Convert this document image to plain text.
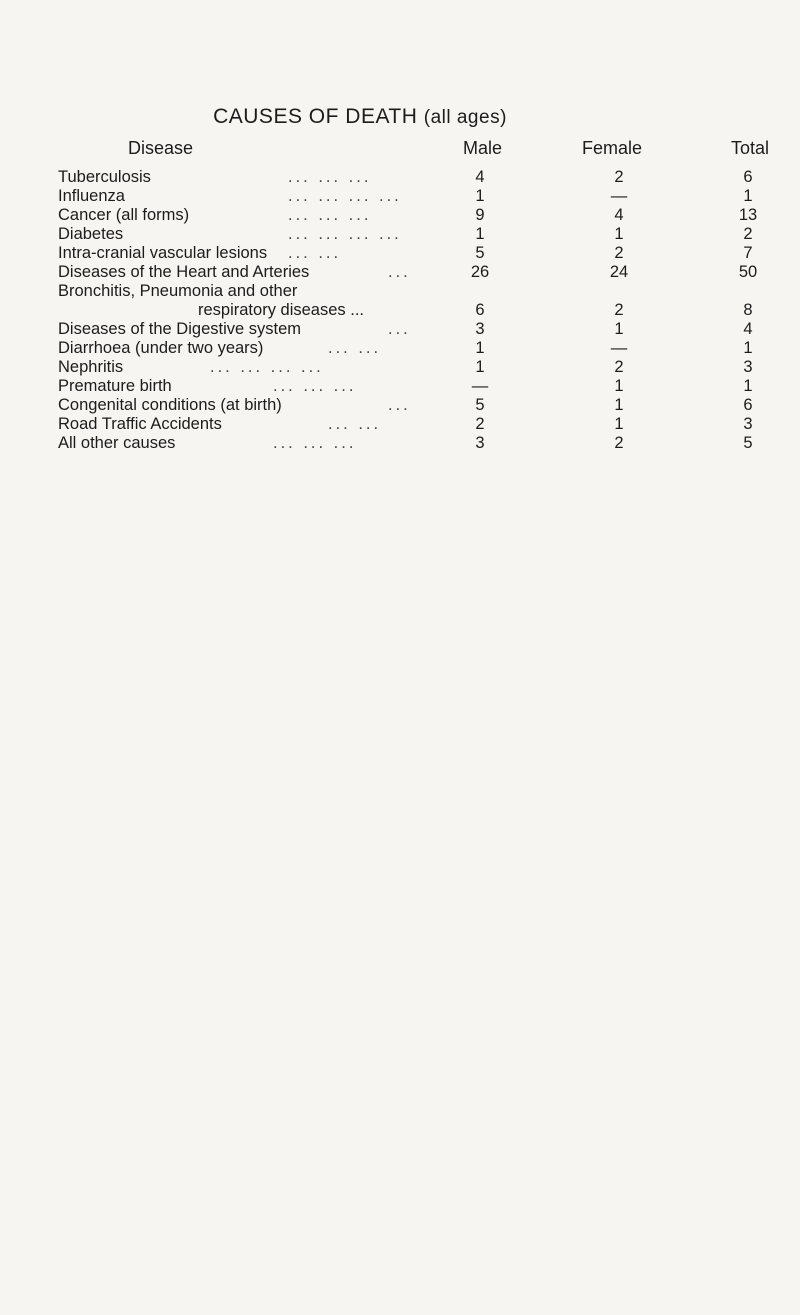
CAUSES OF DEATH (all ages)
Disease	Male	Female	Total
Tuberculosis	... ... ...	4	2	6
Influenza	... ... ... ...	1	—	1
Cancer (all forms)	... ... ...	9	4	13
Diabetes	... ... ... ...	1	1	2
Intra-cranial vascular lesions ... ...	5	2	7
Diseases of the Heart and Arteries	...	26	24	50
Bronchitis, Pneumonia and other
respiratory diseases ...	6	2	8
Diseases of the Digestive system	...	3	1	4
Diarrhoea (under two years)	... ...	1	—	1
Nephritis	... ... ... ...	1	2	3
Premature birth	... ... ...	—	1	1
Congenital conditions (at birth)	...	5	1	6
Road Traffic Accidents	... ...	2	1	3
All other causes	... ... ...	3	2	5
